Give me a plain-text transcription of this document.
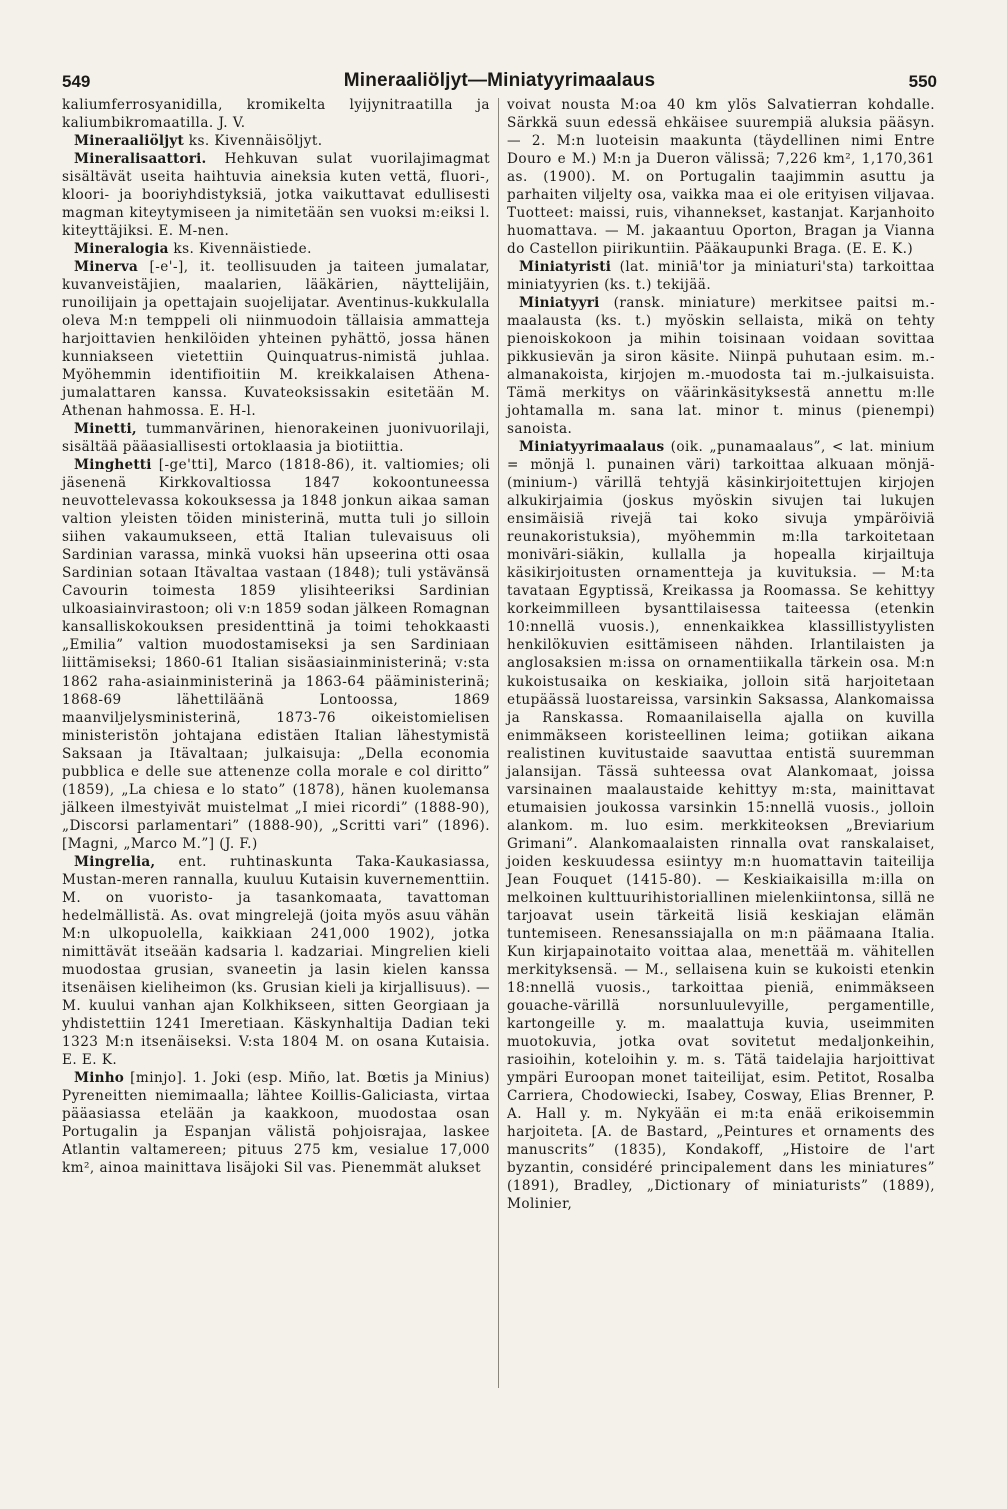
549	Mineraaliöljyt—Miniatyyrimaalaus	550

kaliumferrosyanidilla, kromikelta lyijynitraatilla ja kaliumbikromaatilla. J. V.

Mineraaliöljyt ks. Kivennäisöljyt.

Mineralisaattori. Hehkuvan sulat vuorilajimagmat sisältävät useita haihtuvia aineksia kuten vettä, fluori-, kloori- ja booriyhdistyksiä, jotka vaikuttavat edullisesti magman kiteytymiseen ja nimitetään sen vuoksi m:eiksi l. kiteyttäjiksi. E. M-nen.

Mineralogia ks. Kivennäistiede.

Minerva [-e'-], it. teollisuuden ja taiteen jumalatar, kuvanveistäjien, maalarien, lääkärien, näyttelijäin, runoilijain ja opettajain suojelijatar. Aventinus-kukkulalla oleva M:n temppeli oli niinmuodoin tällaisia ammatteja harjoittavien henkilöiden yhteinen pyhättö, jossa hänen kunniakseen vietettiin Quinquatrus-nimistä juhlaa. Myöhemmin identifioitiin M. kreikkalaisen Athena-jumalattaren kanssa. Kuvateoksissakin esitetään M. Athenan hahmossa. E. H-l.

Minetti, tummanvärinen, hienorakeinen juonivuorilaji, sisältää pääasiallisesti ortoklaasia ja biotiittia.

Minghetti [-ge'tti], Marco (1818-86), it. valtiomies; oli jäsenenä Kirkkovaltiossa 1847 kokoontuneessa neuvottelevassa kokouksessa ja 1848 jonkun aikaa saman valtion yleisten töiden ministerinä, mutta tuli jo silloin siihen vakaumukseen, että Italian tulevaisuus oli Sardinian varassa, minkä vuoksi hän upseerina otti osaa Sardinian sotaan Itävaltaa vastaan (1848); tuli ystävänsä Cavourin toimesta 1859 ylisihteeriksi Sardinian ulkoasiainvirastoon; oli v:n 1859 sodan jälkeen Romagnan kansalliskokouksen presidenttinä ja toimi tehokkaasti „Emilia” valtion muodostamiseksi ja sen Sardiniaan liittämiseksi; 1860-61 Italian sisäasiainministerinä; v:sta 1862 raha-asiainministerinä ja 1863-64 pääministerinä; 1868-69 lähettiläänä Lontoossa, 1869 maanviljelysministerinä, 1873-76 oikeistomielisen ministeristön johtajana edistäen Italian lähestymistä Saksaan ja Itävaltaan; julkaisuja: „Della economia pubblica e delle sue attenenze colla morale e col diritto” (1859), „La chiesa e lo stato” (1878), hänen kuolemansa jälkeen ilmestyivät muistelmat „I miei ricordi” (1888-90), „Discorsi parlamentari” (1888-90), „Scritti vari” (1896). [Magni, „Marco M.”] (J. F.)

Mingrelia, ent. ruhtinaskunta Taka-Kaukasiassa, Mustan-meren rannalla, kuuluu Kutaisin kuvernementtiin. M. on vuoristo- ja tasankomaata, tavattoman hedelmällistä. As. ovat mingrelejä (joita myös asuu vähän M:n ulkopuolella, kaikkiaan 241,000 1902), jotka nimittävät itseään kadsaria l. kadzariai. Mingrelien kieli muodostaa grusian, svaneetin ja lasin kielen kanssa itsenäisen kieliheimon (ks. Grusian kieli ja kirjallisuus). — M. kuului vanhan ajan Kolkhikseen, sitten Georgiaan ja yhdistettiin 1241 Imeretiaan. Käskynhaltija Dadian teki 1323 M:n itsenäiseksi. V:sta 1804 M. on osana Kutaisia. E. E. K.

Minho [minjo]. 1. Joki (esp. Miño, lat. Bœtis ja Minius) Pyreneitten niemimaalla; lähtee Koillis-Galiciasta, virtaa pääasiassa etelään ja kaakkoon, muodostaa osan Portugalin ja Espanjan välistä pohjoisrajaa, laskee Atlantin valtamereen; pituus 275 km, vesialue 17,000 km², ainoa mainittava lisäjoki Sil vas. Pienemmät alukset

voivat nousta M:oa 40 km ylös Salvatierran kohdalle. Särkkä suun edessä ehkäisee suurempiä aluksia pääsyn. — 2. M:n luoteisin maakunta (täydellinen nimi Entre Douro e M.) M:n ja Dueron välissä; 7,226 km², 1,170,361 as. (1900). M. on Portugalin taajimmin asuttu ja parhaiten viljelty osa, vaikka maa ei ole erityisen viljavaa. Tuotteet: maissi, ruis, vihannekset, kastanjat. Karjanhoito huomattava. — M. jakaantuu Oporton, Bragan ja Vianna do Castellon piirikuntiin. Pääkaupunki Braga. (E. E. K.)

Miniatyristi (lat. miniā'tor ja miniaturi'sta) tarkoittaa miniatyyrien (ks. t.) tekijää.

Miniatyyri (ransk. miniature) merkitsee paitsi m.-maalausta (ks. t.) myöskin sellaista, mikä on tehty pienoiskokoon ja mihin toisinaan voidaan sovittaa pikkusievän ja siron käsite. Niinpä puhutaan esim. m.-almanakoista, kirjojen m.-muodosta tai m.-julkaisuista. Tämä merkitys on väärinkäsityksestä annettu m:lle johtamalla m. sana lat. minor t. minus (pienempi) sanoista.

Miniatyyrimaalaus (oik. „punamaalaus”, < lat. minium = mönjä l. punainen väri) tarkoittaa alkuaan mönjä- (minium-) värillä tehtyjä käsinkirjoitettujen kirjojen alkukirjaimia (joskus myöskin sivujen tai lukujen ensimäisiä rivejä tai koko sivuja ympäröiviä reunakoristuksia), myöhemmin m:lla tarkoitetaan moniväri-siäkin, kullalla ja hopealla kirjailtuja käsikirjoitusten ornamentteja ja kuvituksia. — M:ta tavataan Egyptissä, Kreikassa ja Roomassa. Se kehittyy korkeimmilleen bysanttilaisessa taiteessa (etenkin 10:nnellä vuosis.), ennenkaikkea klassillistyylisten henkilökuvien esittämiseen nähden. Irlantilaisten ja anglosaksien m:issa on ornamentiikalla tärkein osa. M:n kukoistusaika on keskiaika, jolloin sitä harjoitetaan etupäässä luostareissa, varsinkin Saksassa, Alankomaissa ja Ranskassa. Romaanilaisella ajalla on kuvilla enimmäkseen koristeellinen leima; gotiikan aikana realistinen kuvitustaide saavuttaa entistä suuremman jalansijan. Tässä suhteessa ovat Alankomaat, joissa varsinainen maalaustaide kehittyy m:sta, mainittavat etumaisien joukossa varsinkin 15:nnellä vuosis., jolloin alankom. m. luo esim. merkkiteoksen „Breviarium Grimani”. Alankomaalaisten rinnalla ovat ranskalaiset, joiden keskuudessa esiintyy m:n huomattavin taiteilija Jean Fouquet (1415-80). — Keskiaikaisilla m:illa on melkoinen kulttuurihistoriallinen mielenkiintonsa, sillä ne tarjoavat usein tärkeitä lisiä keskiajan elämän tuntemiseen. Renesanssiajalla on m:n päämaana Italia. Kun kirjapainotaito voittaa alaa, menettää m. vähitellen merkityksensä. — M., sellaisena kuin se kukoisti etenkin 18:nnellä vuosis., tarkoittaa pieniä, enimmäkseen gouache-värillä norsunluulevyille, pergamentille, kartongeille y. m. maalattuja kuvia, useimmiten muotokuvia, jotka ovat sovitetut medaljonkeihin, rasioihin, koteloihin y. m. s. Tätä taidelajia harjoittivat ympäri Euroopan monet taiteilijat, esim. Petitot, Rosalba Carriera, Chodowiecki, Isabey, Cosway, Elias Brenner, P. A. Hall y. m. Nykyään ei m:ta enää erikoisemmin harjoiteta. [A. de Bastard, „Peintures et ornaments des manuscrits” (1835), Kondakoff, „Histoire de l'art byzantin, considéré principalement dans les miniatures” (1891), Bradley, „Dictionary of miniaturists” (1889), Molinier,
